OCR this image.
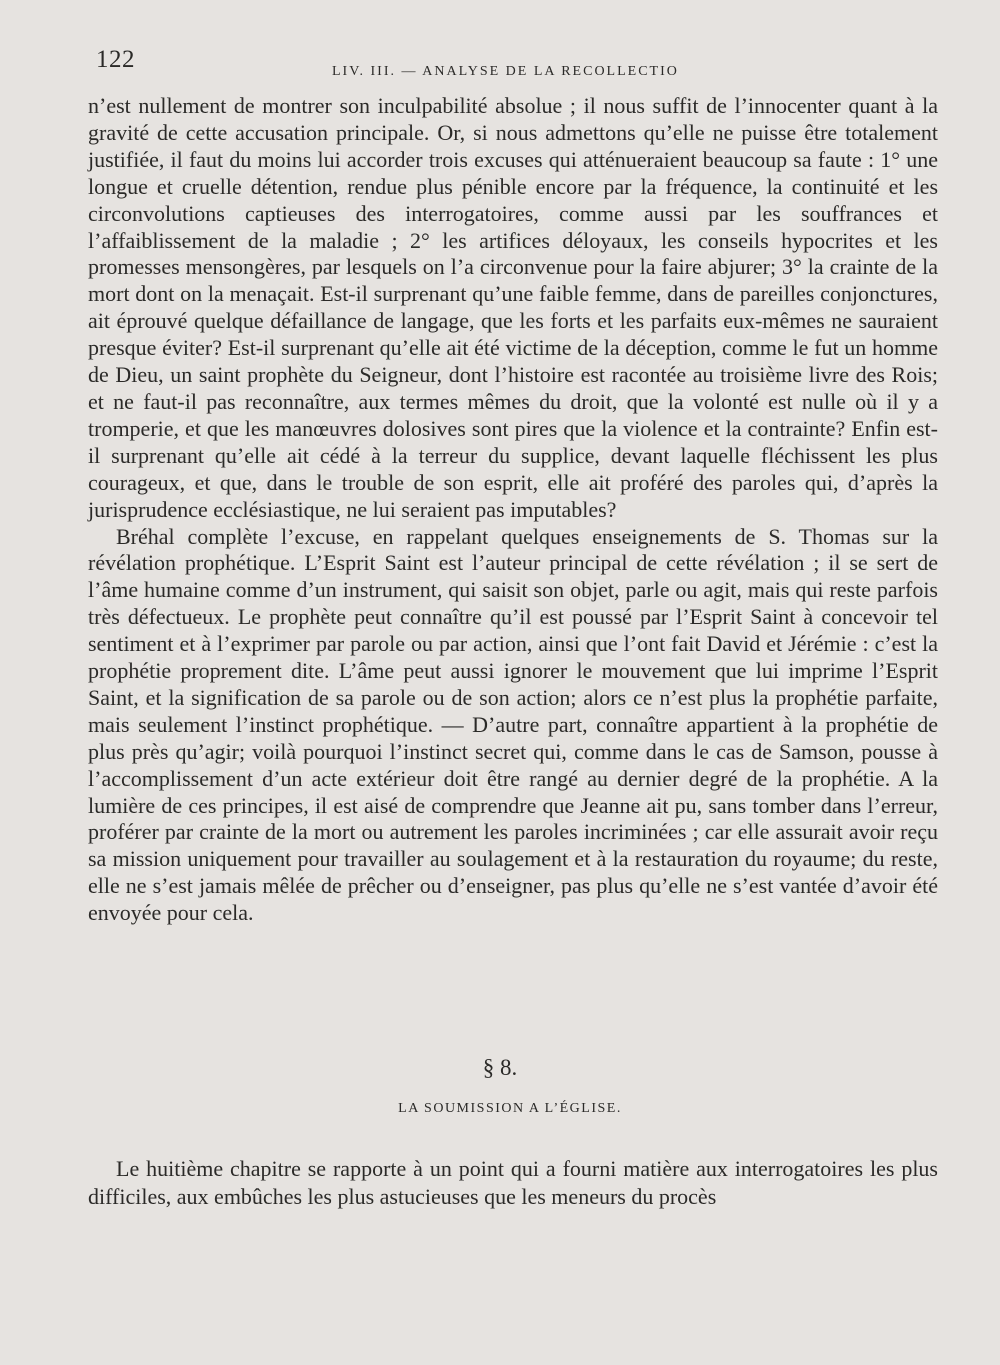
122	LIV. III. — ANALYSE DE LA RECOLLECTIO

n’est nullement de montrer son inculpabilité absolue ; il nous suffit de l’innocenter quant à la gravité de cette accusation principale. Or, si nous admettons qu’elle ne puisse être totalement justifiée, il faut du moins lui accorder trois excuses qui atténueraient beaucoup sa faute : 1° une longue et cruelle détention, rendue plus pénible encore par la fréquence, la continuité et les circonvolutions captieuses des interrogatoires, comme aussi par les souffrances et l’affaiblissement de la maladie ; 2° les artifices déloyaux, les conseils hypocrites et les promesses mensongères, par lesquels on l’a circonvenue pour la faire abjurer; 3° la crainte de la mort dont on la menaçait. Est-il surprenant qu’une faible femme, dans de pareilles conjonctures, ait éprouvé quelque défaillance de langage, que les forts et les parfaits eux-mêmes ne sauraient presque éviter? Est-il surprenant qu’elle ait été victime de la déception, comme le fut un homme de Dieu, un saint prophète du Seigneur, dont l’histoire est racontée au troisième livre des Rois; et ne faut-il pas reconnaître, aux termes mêmes du droit, que la volonté est nulle où il y a tromperie, et que les manœuvres dolosives sont pires que la violence et la contrainte? Enfin est-il surprenant qu’elle ait cédé à la terreur du supplice, devant laquelle fléchissent les plus courageux, et que, dans le trouble de son esprit, elle ait proféré des paroles qui, d’après la jurisprudence ecclésiastique, ne lui seraient pas imputables?

Bréhal complète l’excuse, en rappelant quelques enseignements de S. Thomas sur la révélation prophétique. L’Esprit Saint est l’auteur principal de cette révélation ; il se sert de l’âme humaine comme d’un instrument, qui saisit son objet, parle ou agit, mais qui reste parfois très défectueux. Le prophète peut connaître qu’il est poussé par l’Esprit Saint à concevoir tel sentiment et à l’exprimer par parole ou par action, ainsi que l’ont fait David et Jérémie : c’est la prophétie proprement dite. L’âme peut aussi ignorer le mouvement que lui imprime l’Esprit Saint, et la signification de sa parole ou de son action; alors ce n’est plus la prophétie parfaite, mais seulement l’instinct prophétique. — D’autre part, connaître appartient à la prophétie de plus près qu’agir; voilà pourquoi l’instinct secret qui, comme dans le cas de Samson, pousse à l’accomplissement d’un acte extérieur doit être rangé au dernier degré de la prophétie. A la lumière de ces principes, il est aisé de comprendre que Jeanne ait pu, sans tomber dans l’erreur, proférer par crainte de la mort ou autrement les paroles incriminées ; car elle assurait avoir reçu sa mission uniquement pour travailler au soulagement et à la restauration du royaume; du reste, elle ne s’est jamais mêlée de prêcher ou d’enseigner, pas plus qu’elle ne s’est vantée d’avoir été envoyée pour cela.

§ 8.
LA SOUMISSION A L’ÉGLISE.

Le huitième chapitre se rapporte à un point qui a fourni matière aux interrogatoires les plus difficiles, aux embûches les plus astucieuses que les meneurs du procès
